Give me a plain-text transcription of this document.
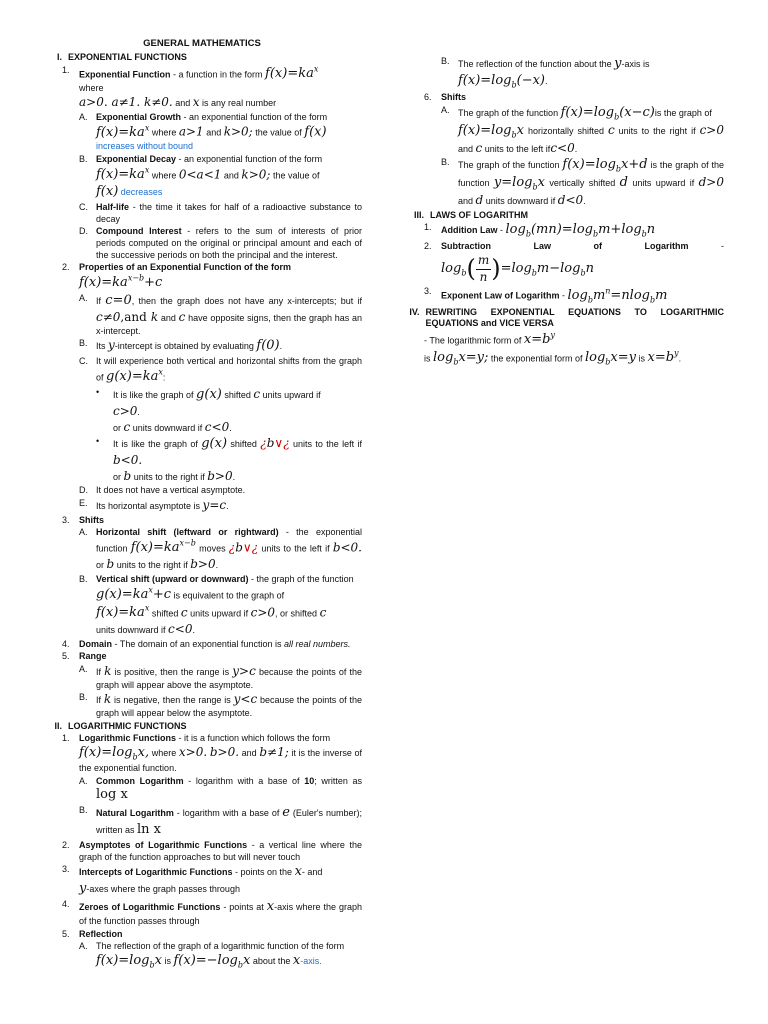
GENERAL MATHEMATICS
I. EXPONENTIAL FUNCTIONS
1.	Exponential Function - a function in the form $f(x)=ka^x$
where
a>0. a≠1. k≠0. and x is any real number
A. Exponential Growth - an exponential function of the form
$f(x)=ka^x$ where a>1 and k>0; the value of f(x)
increases without bound
B. Exponential Decay - an exponential function of the form
$f(x)=ka^x$ where 0<a<1 and k>0; the value of
f(x) decreases
C. Half-life - the time it takes for half of a radioactive substance to decay
D. Compound Interest - refers to the sum of interests of prior periods computed on the original or principal amount and each of the successive periods on both the principal and the interest.
2.	Properties of an Exponential Function of the form
$f(x)=ka^{x-b}+c$
A. If c=0, then the graph does not have any x-intercepts; but if c≠0,and k and c have opposite signs, then the graph has an x-intercept.
B. Its y-intercept is obtained by evaluating f(0).
C. It will experience both vertical and horizontal shifts from the graph of $g(x)=ka^x$:
•	It is like the graph of g(x) shifted c units upward if
c>0.
or c units downward if c<0.
•	It is like the graph of g(x) shifted ¿b∨¿ units to the left if b<0.
or b units to the right if b>0.
D. It does not have a vertical asymptote.
E. Its horizontal asymptote is y=c.
3.	Shifts
A. Horizontal shift (leftward or rightward) - the exponential function $f(x)=ka^{x-b}$ moves ¿b∨¿ units to the left if b<0. or b units to the right if b>0.
B. Vertical shift (upward or downward) - the graph of the function
$g(x)=ka^x+c$ is equivalent to the graph of
$f(x)=ka^x$ shifted c units upward if c>0, or shifted c
units downward if c<0.
4.	Domain - The domain of an exponential function is all real numbers.
5.	Range
A. If k is positive, then the range is y>c because the points of the graph will appear above the asymptote.
B. If k is negative, then the range is y<c because the points of the graph will appear below the asymptote.
II. LOGARITHMIC FUNCTIONS
1.	Logarithmic Functions - it is a function which follows the form
$f(x)=\log_bx$, where x>0. b>0. and b≠1; it is the inverse of the exponential function.
A. Common Logarithm - logarithm with a base of 10; written as log x
B. Natural Logarithm - logarithm with a base of e (Euler's number); written as ln x
2.	Asymptotes of Logarithmic Functions - a vertical line where the graph of the function approaches to but will never touch
3.	Intercepts of Logarithmic Functions - points on the x- and
y-axes where the graph passes through
4.	Zeroes of Logarithmic Functions - points at x-axis where the graph of the function passes through
5.	Reflection
A. The reflection of the graph of a logarithmic function of the form
$f(x)=\log_bx$ is $f(x)=-\log_bx$ about the x-axis.
B. The reflection of the function about the y-axis is
$f(x)=\log_b(-x)$.
6.	Shifts
A. The graph of the function $f(x)=\log_b(x-c)is$ the graph of
$f(x)=\log_bx$ horizontally shifted c units to the right if c>0 and c units to the left ifc<0.
B. The graph of the function $f(x)=\log_bx+d$ is the graph of the function $y=\log_bx$ vertically shifted d units upward if d>0 and d units downward if d<0.
III. LAWS OF LOGARITHM
1.	Addition Law - $\log_b(mn)=\log_bm+\log_bn$
2.	Subtraction Law of Logarithm	-
$\log_b( \frac{m}{n} )=\log_bm-\log_bn$
3.	Exponent Law of Logarithm - $\log_bm^n=nlog_bm$
IV. REWRITING EXPONENTIAL EQUATIONS TO LOGARITHMIC EQUATIONS and VICE VERSA
- The logarithmic form of $x=b^y$
is $\log_bx=y$; the exponential form of $\log_bx=y$ is $x=b^y$.
